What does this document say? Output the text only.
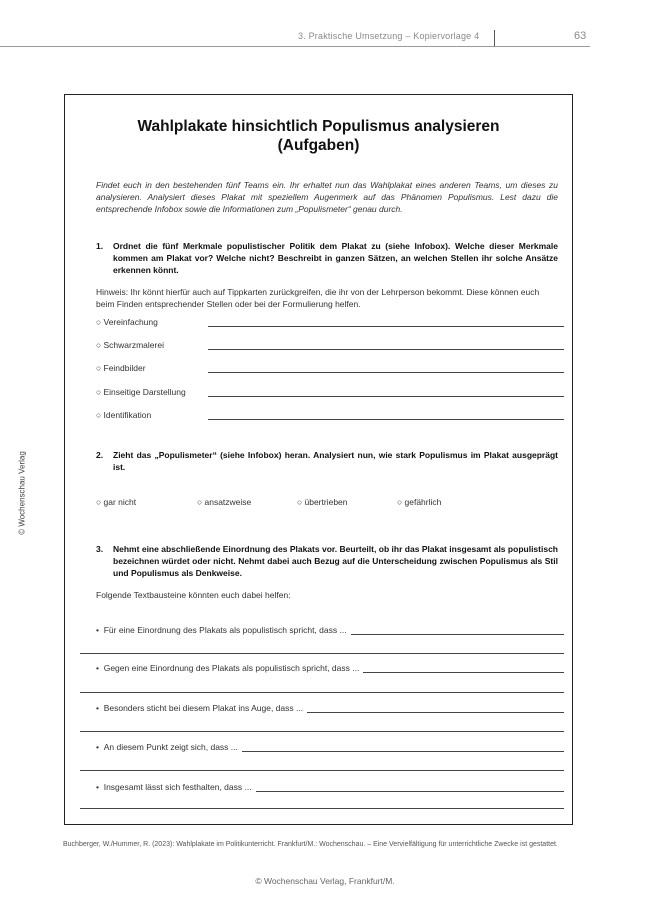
3. Praktische Umsetzung – Kopiervorlage 4	63
© Wochenschau Verlag
Wahlplakate hinsichtlich Populismus analysieren
(Aufgaben)
Findet euch in den bestehenden fünf Teams ein. Ihr erhaltet nun das Wahlplakat eines anderen Teams, um dieses zu analysieren. Analysiert dieses Plakat mit speziellem Augenmerk auf das Phänomen Populismus. Lest dazu die entsprechende Infobox sowie die Informationen zum „Populismeter“ genau durch.
1.	Ordnet die fünf Merkmale populistischer Politik dem Plakat zu (siehe Infobox). Welche dieser Merkmale kommen am Plakat vor? Welche nicht? Beschreibt in ganzen Sätzen, an welchen Stellen ihr solche Ansätze erkennen könnt.
Hinweis: Ihr könnt hierfür auch auf Tippkarten zurückgreifen, die ihr von der Lehrperson bekommt. Diese können euch beim Finden entsprechender Stellen oder bei der Formulierung helfen.
○ Vereinfachung
○ Schwarzmalerei
○ Feindbilder
○ Einseitige Darstellung
○ Identifikation
2.	Zieht das „Populismeter“ (siehe Infobox) heran. Analysiert nun, wie stark Populismus im Plakat ausgeprägt ist.
○ gar nicht	○ ansatzweise	○ übertrieben	○ gefährlich
3.	Nehmt eine abschließende Einordnung des Plakats vor. Beurteilt, ob ihr das Plakat insgesamt als populistisch bezeichnen würdet oder nicht. Nehmt dabei auch Bezug auf die Unterscheidung zwischen Populismus als Stil und Populismus als Denkweise.
Folgende Textbausteine könnten euch dabei helfen:
•  Für eine Einordnung des Plakats als populistisch spricht, dass ...
•  Gegen eine Einordnung des Plakats als populistisch spricht, dass ...
•  Besonders sticht bei diesem Plakat ins Auge, dass ...
•  An diesem Punkt zeigt sich, dass ...
•  Insgesamt lässt sich festhalten, dass ...
Buchberger, W./Hummer, R. (2023): Wahlplakate im Politikunterricht. Frankfurt/M.: Wochenschau. – Eine Vervielfältigung für unterrichtliche Zwecke ist gestattet.
© Wochenschau Verlag, Frankfurt/M.
